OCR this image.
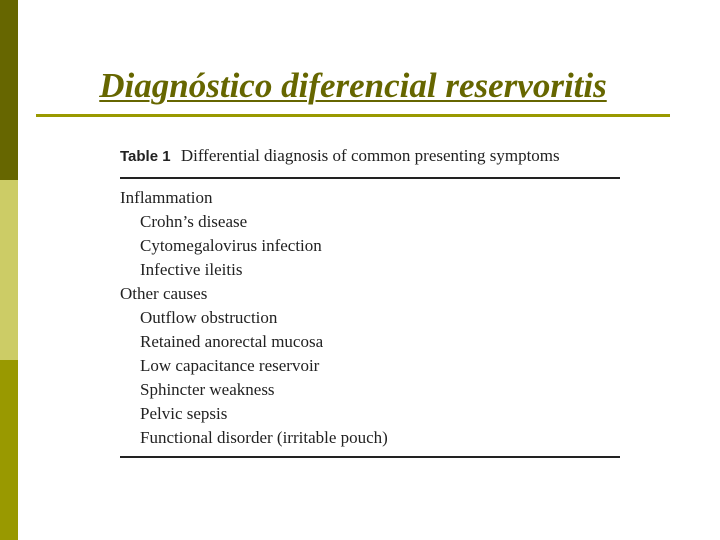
Diagnóstico diferencial reservoritis
Table 1 Differential diagnosis of common presenting symptoms
Inflammation
Crohn’s disease
Cytomegalovirus infection
Infective ileitis
Other causes
Outflow obstruction
Retained anorectal mucosa
Low capacitance reservoir
Sphincter weakness
Pelvic sepsis
Functional disorder (irritable pouch)
